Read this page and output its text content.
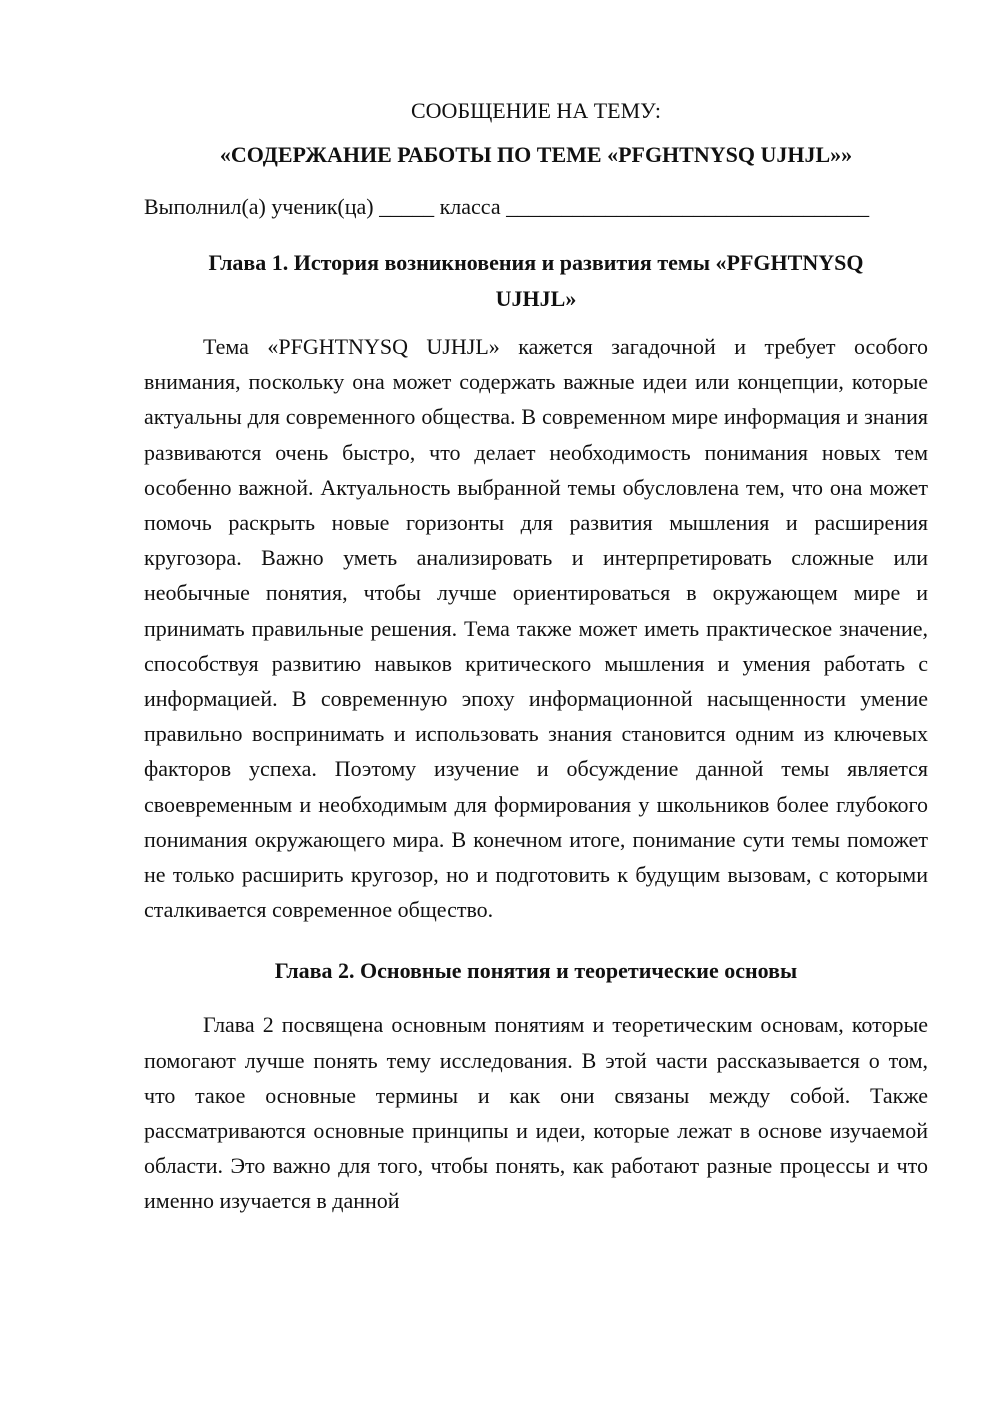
СООБЩЕНИЕ НА ТЕМУ:

«СОДЕРЖАНИЕ РАБОТЫ ПО ТЕМЕ «PFGHTNYSQ UJHJL»»

Выполнил(а) ученик(ца) _____ класса _________________________________

Глава 1. История возникновения и развития темы «PFGHTNYSQ UJHJL»

Тема «PFGHTNYSQ UJHJL» кажется загадочной и требует особого внимания, поскольку она может содержать важные идеи или концепции, которые актуальны для современного общества. В современном мире информация и знания развиваются очень быстро, что делает необходимость понимания новых тем особенно важной. Актуальность выбранной темы обусловлена тем, что она может помочь раскрыть новые горизонты для развития мышления и расширения кругозора. Важно уметь анализировать и интерпретировать сложные или необычные понятия, чтобы лучше ориентироваться в окружающем мире и принимать правильные решения. Тема также может иметь практическое значение, способствуя развитию навыков критического мышления и умения работать с информацией. В современную эпоху информационной насыщенности умение правильно воспринимать и использовать знания становится одним из ключевых факторов успеха. Поэтому изучение и обсуждение данной темы является своевременным и необходимым для формирования у школьников более глубокого понимания окружающего мира. В конечном итоге, понимание сути темы поможет не только расширить кругозор, но и подготовить к будущим вызовам, с которыми сталкивается современное общество.

Глава 2. Основные понятия и теоретические основы

Глава 2 посвящена основным понятиям и теоретическим основам, которые помогают лучше понять тему исследования. В этой части рассказывается о том, что такое основные термины и как они связаны между собой. Также рассматриваются основные принципы и идеи, которые лежат в основе изучаемой области. Это важно для того, чтобы понять, как работают разные процессы и что именно изучается в данной
